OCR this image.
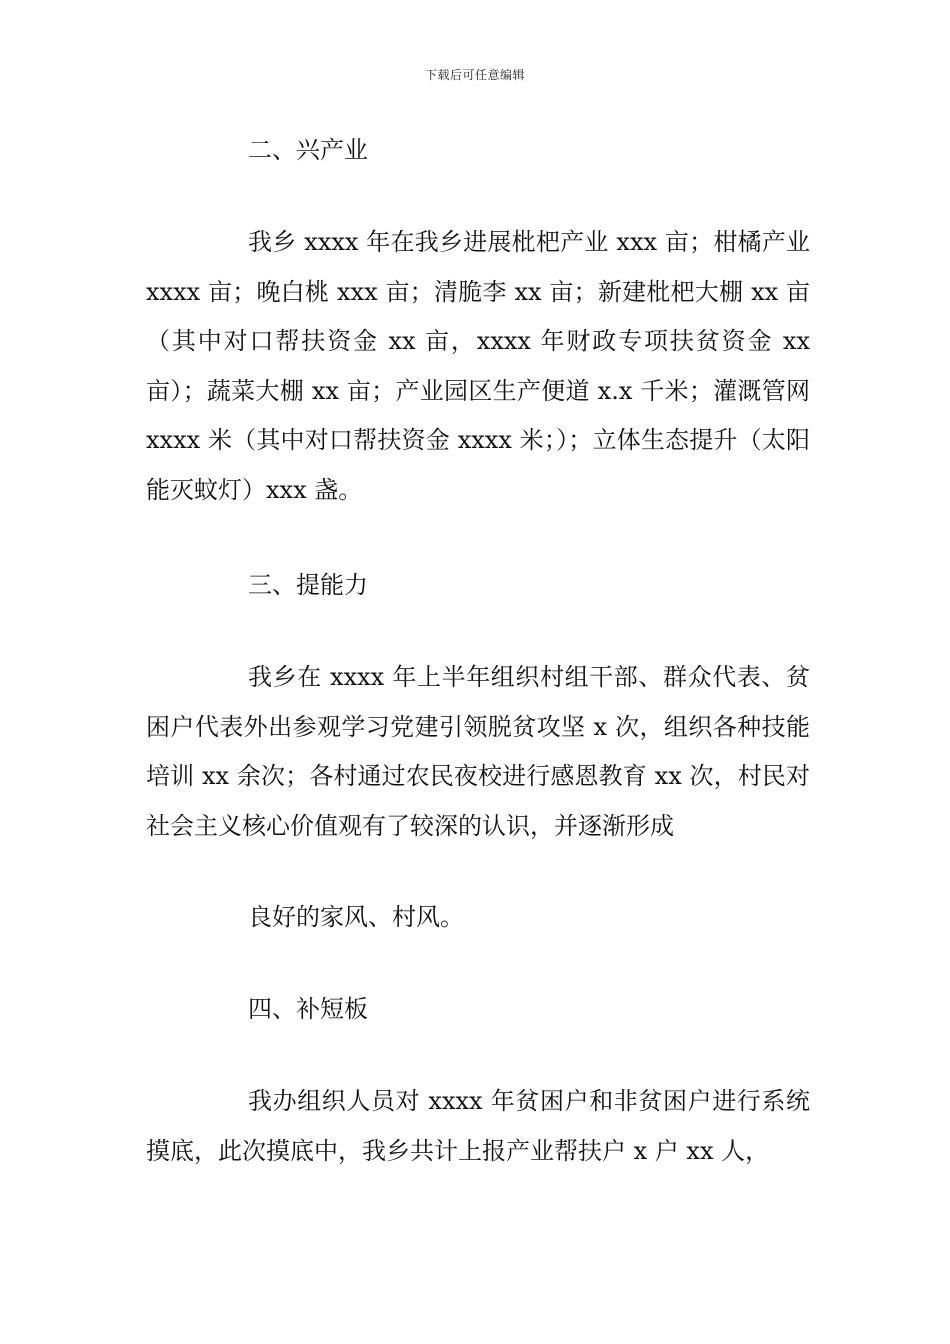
下载后可任意编辑

二、兴产业

我乡 xxxx 年在我乡进展枇杷产业 xxx 亩；柑橘产业　xxxx 亩；晚白桃 xxx 亩；清脆李 xx 亩；新建枇杷大棚 xx 亩（其中对口帮扶资金 xx 亩，xxxx 年财政专项扶贫资金 xx 亩）；蔬菜大棚 xx 亩；产业园区生产便道 x.x 千米；灌溉管网 xxxx 米（其中对口帮扶资金 xxxx 米；）；立体生态提升（太阳能灭蚊灯）xxx 盏。

三、提能力

我乡在 xxxx 年上半年组织村组干部、群众代表、贫困户代表外出参观学习党建引领脱贫攻坚 x 次，组织各种技能培训 xx 余次；各村通过农民夜校进行感恩教育 xx 次，村民对社会主义核心价值观有了较深的认识，并逐渐形成

良好的家风、村风。

四、补短板

我办组织人员对 xxxx 年贫困户和非贫困户进行系统摸底，此次摸底中，我乡共计上报产业帮扶户 x 户 xx 人，
